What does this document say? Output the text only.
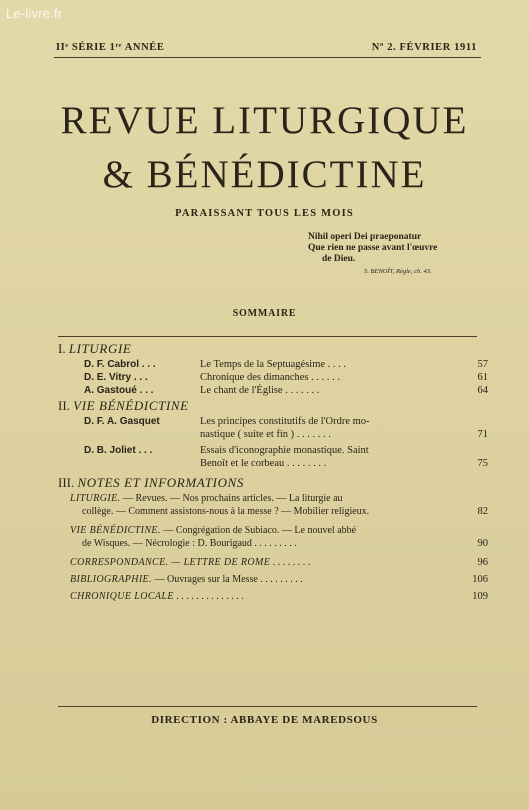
Le-livre.fr
IIᵉ SÉRIE 1ʳᵉ ANNÉE	Nº 2. FÉVRIER 1911
REVUE LITURGIQUE
& BÉNÉDICTINE
PARAISSANT TOUS LES MOIS
Nihil operi Dei praeponatur
Que rien ne passe avant l'œuvre
de Dieu.
S. BENOÎT, Règle, ch. 43.
SOMMAIRE
I. LITURGIE
D. F. Cabrol . . .	Le Temps de la Septuagésime . . . .	57
D. E. Vitry . . .	Chronique des dimanches . . . . . .	61
A. Gastoué . . .	Le chant de l'Église . . . . . . .	64
II. VIE BÉNÉDICTINE
D. F. A. Gasquet	Les principes constitutifs de l'Ordre mo-
nastique ( suite et fin ) . . . . . . .	71
D. B. Joliet . . .	Essais d'iconographie monastique. Saint
Benoît et le corbeau . . . . . . . .	75
III. NOTES ET INFORMATIONS
LITURGIE. — Revues. — Nos prochains articles. — La liturgie au
collège. — Comment assistons-nous à la messe ? — Mobilier religieux.	82
VIE BÉNÉDICTINE. — Congrégation de Subiaco. — Le nouvel abbé
de Wisques. — Nécrologie : D. Bourigaud . . . . . . . . .	90
CORRESPONDANCE. — LETTRE DE ROME . . . . . . . .	96
BIBLIOGRAPHIE. — Ouvrages sur la Messe . . . . . . . . .	106
CHRONIQUE LOCALE . . . . . . . . . . . . . .	109
DIRECTION : ABBAYE DE MAREDSOUS
